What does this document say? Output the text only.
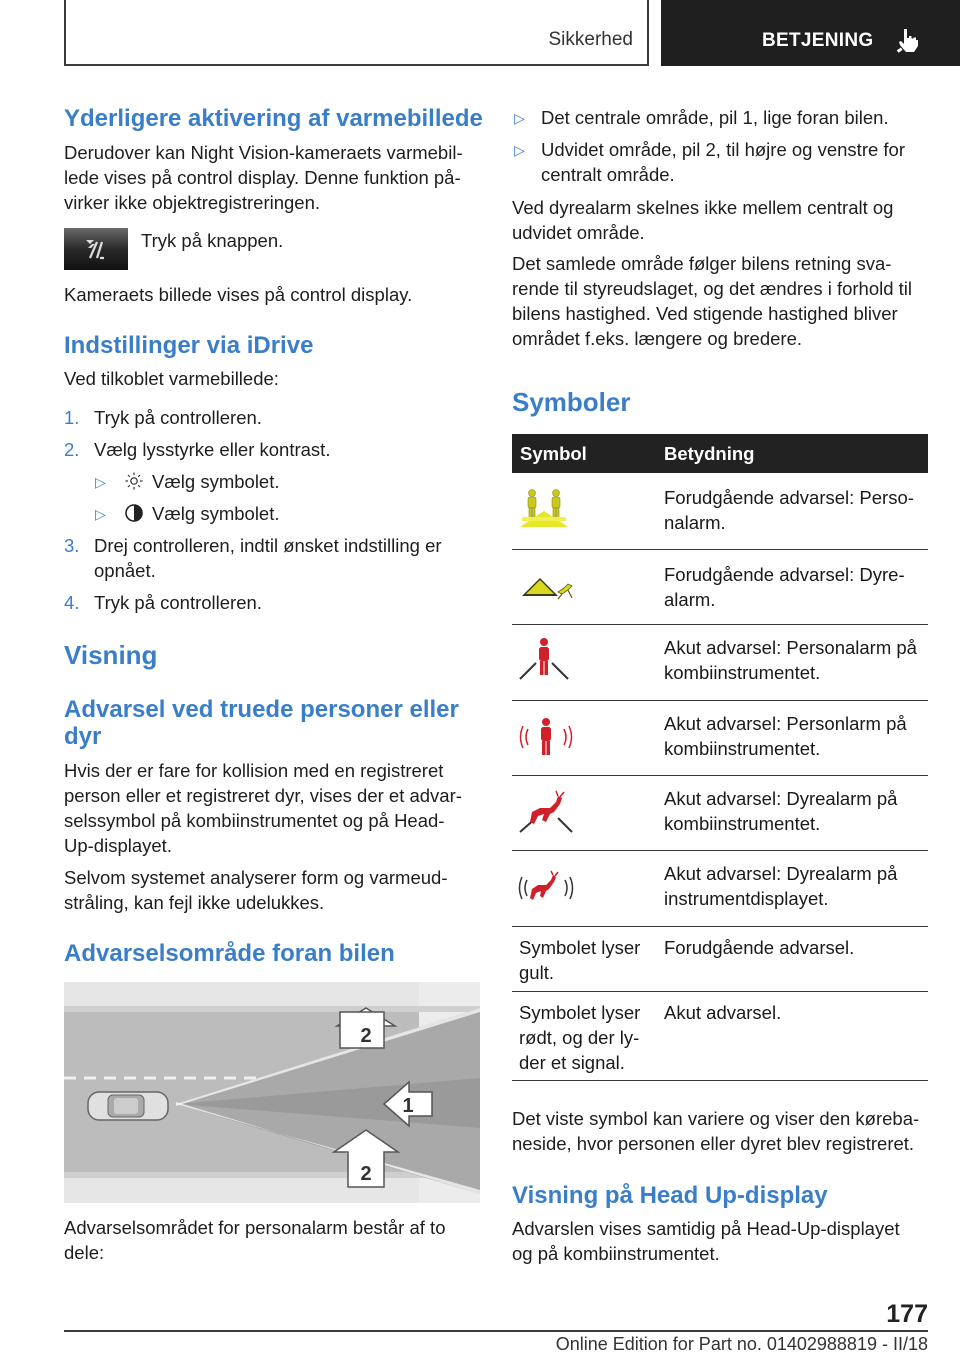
Sikkerhed	BETJENING
Yderligere aktivering af varmebillede
Derudover kan Night Vision-kameraets varmebil-
lede vises på control display. Denne funktion på-
virker ikke objektregistreringen.
Tryk på knappen.
Kameraets billede vises på control display.
Indstillinger via iDrive
Ved tilkoblet varmebillede:
1. Tryk på controlleren.
2. Vælg lysstyrke eller kontrast.
▷ Vælg symbolet.
▷ Vælg symbolet.
3. Drej controlleren, indtil ønsket indstilling er
opnået.
4. Tryk på controlleren.
Visning
Advarsel ved truede personer eller
dyr
Hvis der er fare for kollision med en registreret
person eller et registreret dyr, vises der et advar-
selssymbol på kombiinstrumentet og på Head-
Up-displayet.
Selvom systemet analyserer form og varmeud-
stråling, kan fejl ikke udelukkes.
Advarselsområde foran bilen
2
1
2
Advarselsområdet for personalarm består af to
dele:
▷ Det centrale område, pil 1, lige foran bilen.
▷ Udvidet område, pil 2, til højre og venstre for
centralt område.
Ved dyrealarm skelnes ikke mellem centralt og
udvidet område.
Det samlede område følger bilens retning sva-
rende til styreudslaget, og det ændres i forhold til
bilens hastighed. Ved stigende hastighed bliver
området f.eks. længere og bredere.
Symboler
Symbol	Betydning
Forudgående advarsel: Perso-
nalarm.
Forudgående advarsel: Dyre-
alarm.
Akut advarsel: Personalarm på
kombiinstrumentet.
Akut advarsel: Personlarm på
kombiinstrumentet.
Akut advarsel: Dyrealarm på
kombiinstrumentet.
Akut advarsel: Dyrealarm på
instrumentdisplayet.
Symbolet lyser
gult.
Forudgående advarsel.
Symbolet lyser
rødt, og der ly-
der et signal.
Akut advarsel.
Det viste symbol kan variere og viser den køreba-
neside, hvor personen eller dyret blev registreret.
Visning på Head Up-display
Advarslen vises samtidig på Head-Up-displayet
og på kombiinstrumentet.
177
Online Edition for Part no. 01402988819 - II/18
